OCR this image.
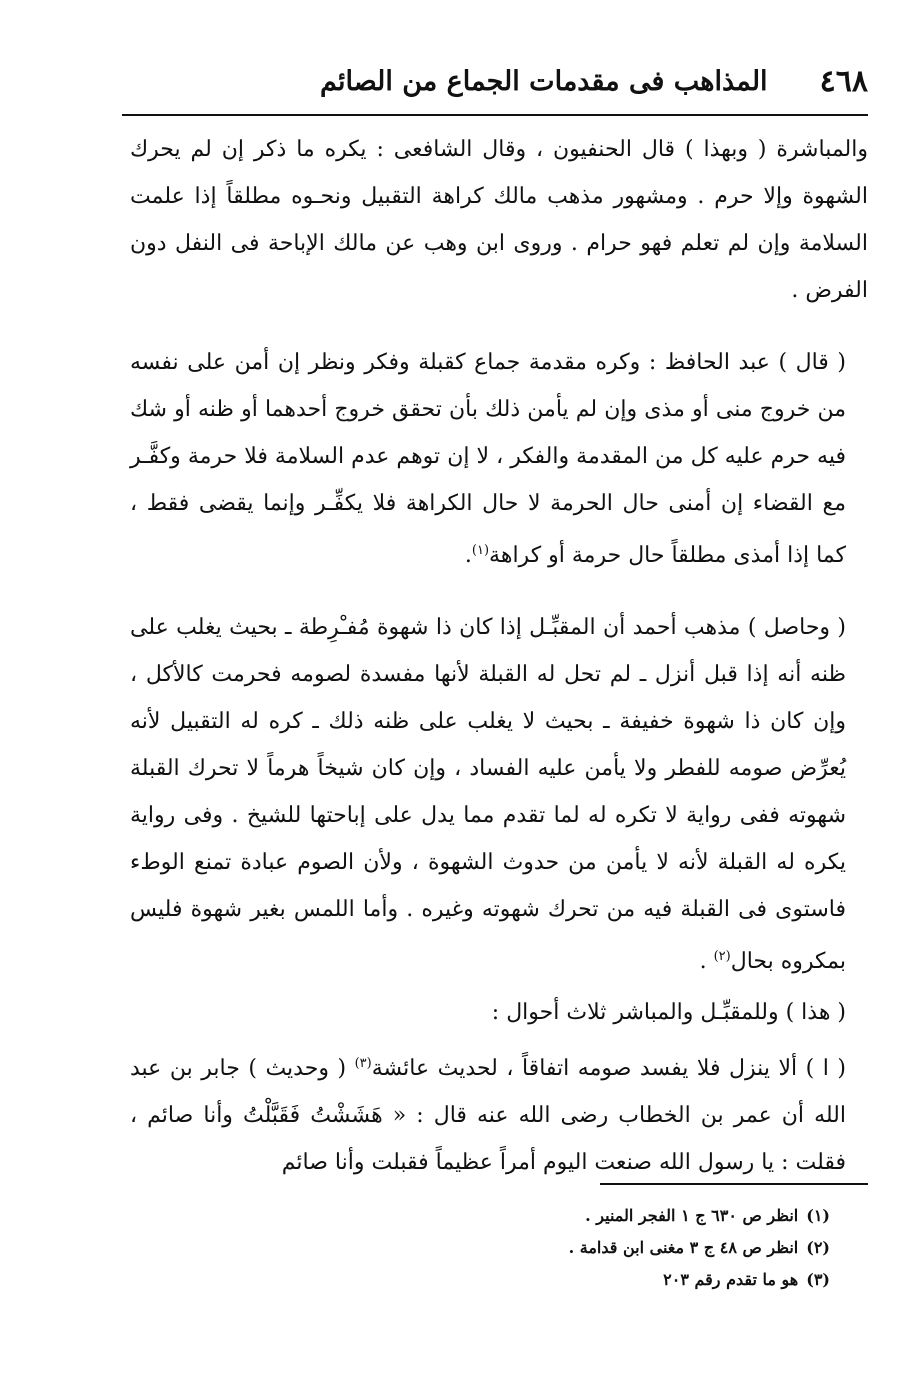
٤٦٨
المذاهب فى مقدمات الجماع من الصائم

والمباشرة ( وبهذا ) قال الحنفيون ، وقال الشافعى : يكره ما ذكر إن لم يحرك الشهوة وإلا حرم . ومشهور مذهب مالك كراهة التقبيل ونحـوه مطلقاً إذا علمت السلامة وإن لم تعلم فهو حرام . وروى ابن وهب عن مالك الإباحة فى النفل دون الفرض .

( قال ) عبد الحافظ : وكره مقدمة جماع كقبلة وفكر ونظر إن أمن على نفسه من خروج منى أو مذى وإن لم يأمن ذلك بأن تحقق خروج أحدهما أو ظنه أو شك فيه حرم عليه كل من المقدمة والفكر ، لا إن توهم عدم السلامة فلا حرمة وكفَّـر مع القضاء إن أمنى حال الحرمة لا حال الكراهة فلا يكفِّـر وإنما يقضى فقط ، كما إذا أمذى مطلقاً حال حرمة أو كراهة$^{(١)}$.

( وحاصل ) مذهب أحمد أن المقبِّـل إذا كان ذا شهوة مُفـْرِطة ـ بحيث يغلب على ظنه أنه إذا قبل أنزل ـ لم تحل له القبلة لأنها مفسدة لصومه فحرمت كالأكل ، وإن كان ذا شهوة خفيفة ـ بحيث لا يغلب على ظنه ذلك ـ كره له التقبيل لأنه يُعرِّض صومه للفطر ولا يأمن عليه الفساد ، وإن كان شيخاً هرماً لا تحرك القبلة شهوته ففى رواية لا تكره له لما تقدم مما يدل على إباحتها للشيخ . وفى رواية يكره له القبلة لأنه لا يأمن من حدوث الشهوة ، ولأن الصوم عبادة تمنع الوطء فاستوى فى القبلة فيه من تحرك شهوته وغيره . وأما اللمس بغير شهوة فليس بمكروه بحال$^{(٢)}$ .

( هذا ) وللمقبِّـل والمباشر ثلاث أحوال :

( ا ) ألا ينزل فلا يفسد صومه اتفاقاً ، لحديث عائشة$^{(٣)}$ ( وحديث ) جابر بن عبد الله أن عمر بن الخطاب رضى الله عنه قال : « هَشَشْتُ فَقَبَّلْتُ وأنا صائم ، فقلت : يا رسول الله صنعت اليوم أمراً عظيماً فقبلت وأنا صائم

(١)انظر ص ٦٣٠ ج ١ الفجر المنير .
(٢)انظر ص ٤٨ ج ٣ مغنى ابن قدامة .
(٣)هو ما تقدم رقم ٢٠٣
